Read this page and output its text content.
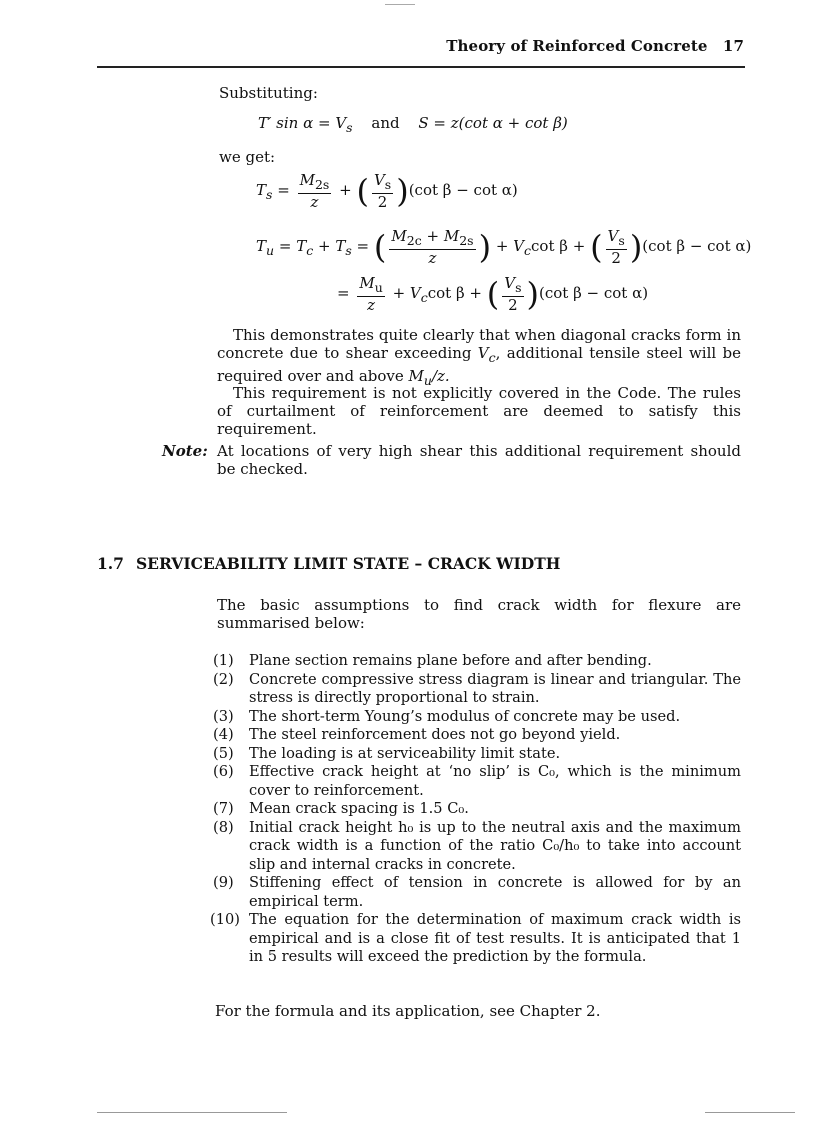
Theory of Reinforced Concrete 17
Substituting:
T′ $\sin \alpha = V_s$ and S = z(cot α + cot β)
we get:
$T_s = \frac{M_{2s}}{z}$ + ( $\frac{V_s}{2} )(\cot$ β − cot α)
$T_u = T_c + T_s$ = ( $\frac{M_{2c} + M_{2s}}{z}$ ) + $V_c\cot$ β + ( $\frac{V_s}{2} )(\cot$ β − cot α)
= $\frac{M_u}{z} + V_c\cot$ β + ( $\frac{V_s}{2} )(\cot$ β − cot α)
This demonstrates quite clearly that when diagonal cracks form in concrete due to shear exceeding $V_c$, additional tensile steel will be required over and above $M_u/z$.
This requirement is not explicitly covered in the Code. The rules of curtailment of reinforcement are deemed to satisfy this requirement.
Note: At locations of very high shear this additional requirement should be checked.
1.7 SERVICEABILITY LIMIT STATE – CRACK WIDTH
The basic assumptions to find crack width for flexure are summarised below:
(1)	Plane section remains plane before and after bending.
(2)	Concrete compressive stress diagram is linear and triangular. The stress is directly proportional to strain.
(3)	The short-term Young’s modulus of concrete may be used.
(4)	The steel reinforcement does not go beyond yield.
(5)	The loading is at serviceability limit state.
(6)	Effective crack height at ‘no slip’ is C₀, which is the minimum cover to reinforcement.
(7)	Mean crack spacing is 1.5 C₀.
(8)	Initial crack height h₀ is up to the neutral axis and the maximum crack width is a function of the ratio C₀/h₀ to take into account slip and internal cracks in concrete.
(9)	Stiffening effect of tension in concrete is allowed for by an empirical term.
(10) The equation for the determination of maximum crack width is empirical and is a close fit of test results. It is anticipated that 1 in 5 results will exceed the prediction by the formula.
For the formula and its application, see Chapter 2.
